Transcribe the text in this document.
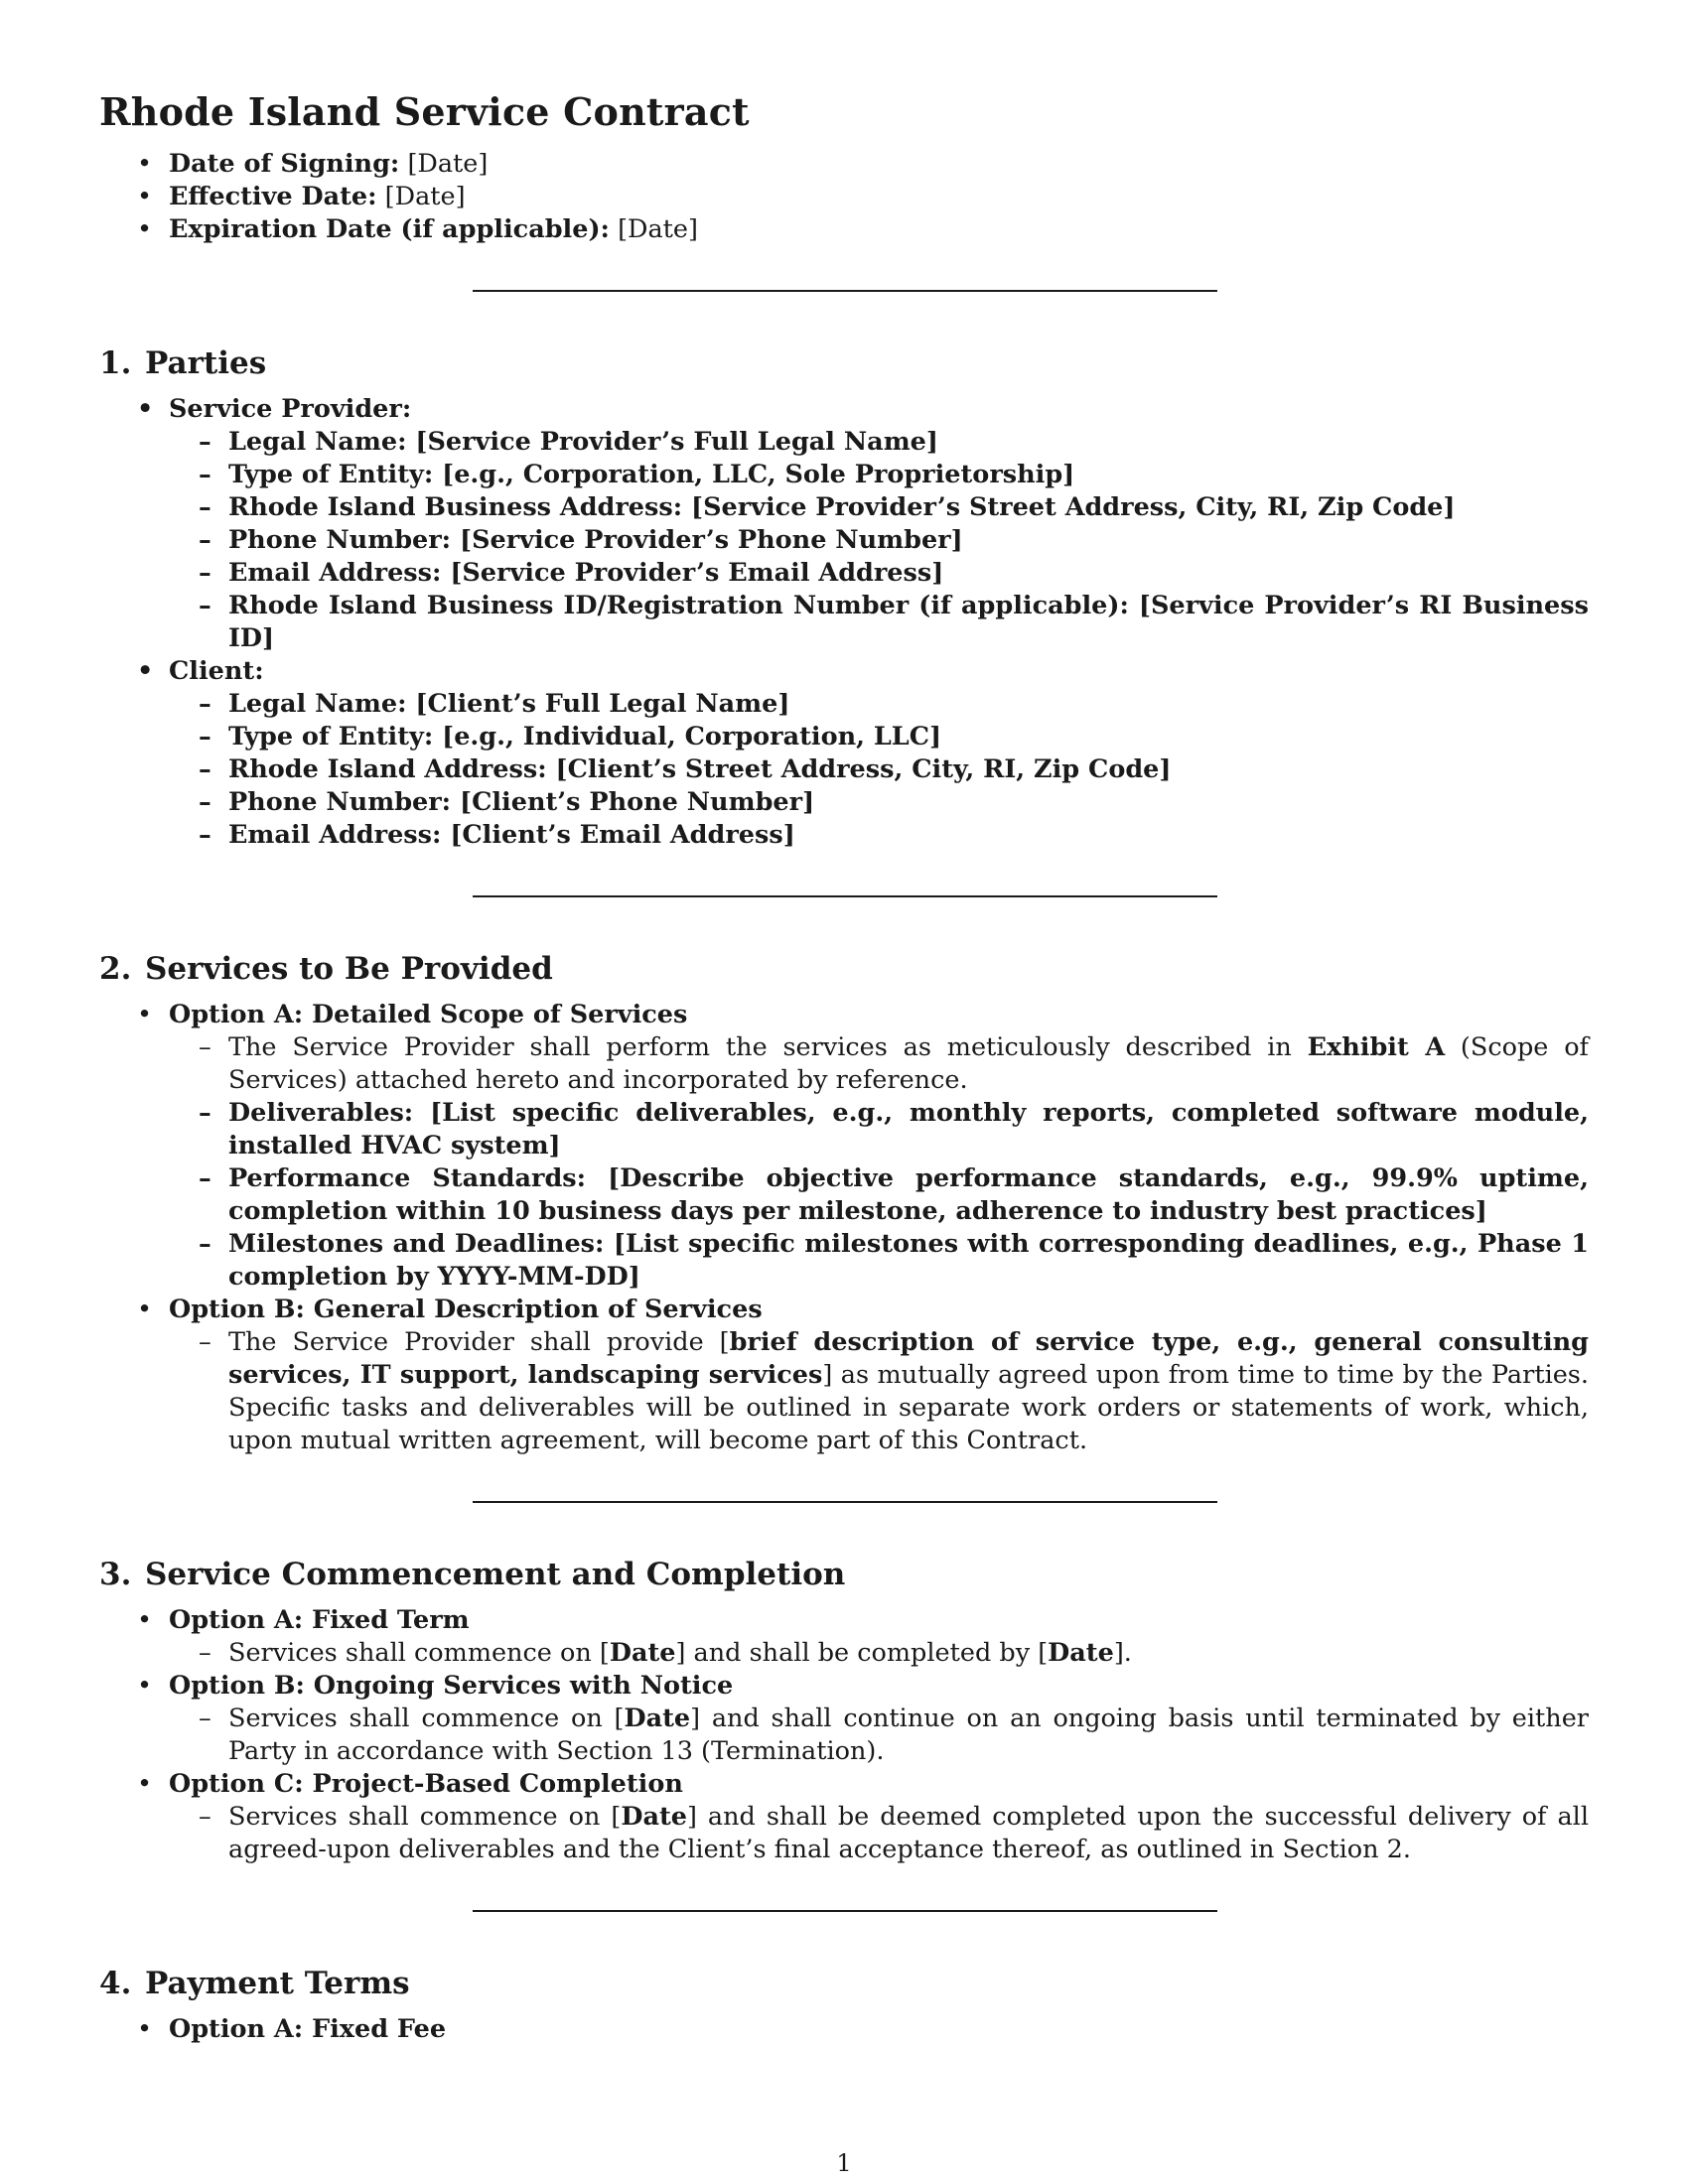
Rhode Island Service Contract
• Date of Signing: [Date]
• Effective Date: [Date]
• Expiration Date (if applicable): [Date]
1. Parties
• Service Provider:
– Legal Name: [Service Provider’s Full Legal Name]
– Type of Entity: [e.g., Corporation, LLC, Sole Proprietorship]
– Rhode Island Business Address: [Service Provider’s Street Address, City, RI, Zip Code]
– Phone Number: [Service Provider’s Phone Number]
– Email Address: [Service Provider’s Email Address]
– Rhode Island Business ID/Registration Number (if applicable): [Service Provider’s RI Business ID]
• Client:
– Legal Name: [Client’s Full Legal Name]
– Type of Entity: [e.g., Individual, Corporation, LLC]
– Rhode Island Address: [Client’s Street Address, City, RI, Zip Code]
– Phone Number: [Client’s Phone Number]
– Email Address: [Client’s Email Address]
2. Services to Be Provided
• Option A: Detailed Scope of Services
– The Service Provider shall perform the services as meticulously described in Exhibit A (Scope of Services) attached hereto and incorporated by reference.
– Deliverables: [List specific deliverables, e.g., monthly reports, completed software module, installed HVAC system]
– Performance Standards: [Describe objective performance standards, e.g., 99.9% uptime, completion within 10 business days per milestone, adherence to industry best practices]
– Milestones and Deadlines: [List specific milestones with corresponding deadlines, e.g., Phase 1 completion by YYYY-MM-DD]
• Option B: General Description of Services
– The Service Provider shall provide [brief description of service type, e.g., general consulting services, IT support, landscaping services] as mutually agreed upon from time to time by the Parties. Specific tasks and deliverables will be outlined in separate work orders or statements of work, which, upon mutual written agreement, will become part of this Contract.
3. Service Commencement and Completion
• Option A: Fixed Term
– Services shall commence on [Date] and shall be completed by [Date].
• Option B: Ongoing Services with Notice
– Services shall commence on [Date] and shall continue on an ongoing basis until terminated by either Party in accordance with Section 13 (Termination).
• Option C: Project-Based Completion
– Services shall commence on [Date] and shall be deemed completed upon the successful delivery of all agreed-upon deliverables and the Client’s final acceptance thereof, as outlined in Section 2.
4. Payment Terms
• Option A: Fixed Fee
1
